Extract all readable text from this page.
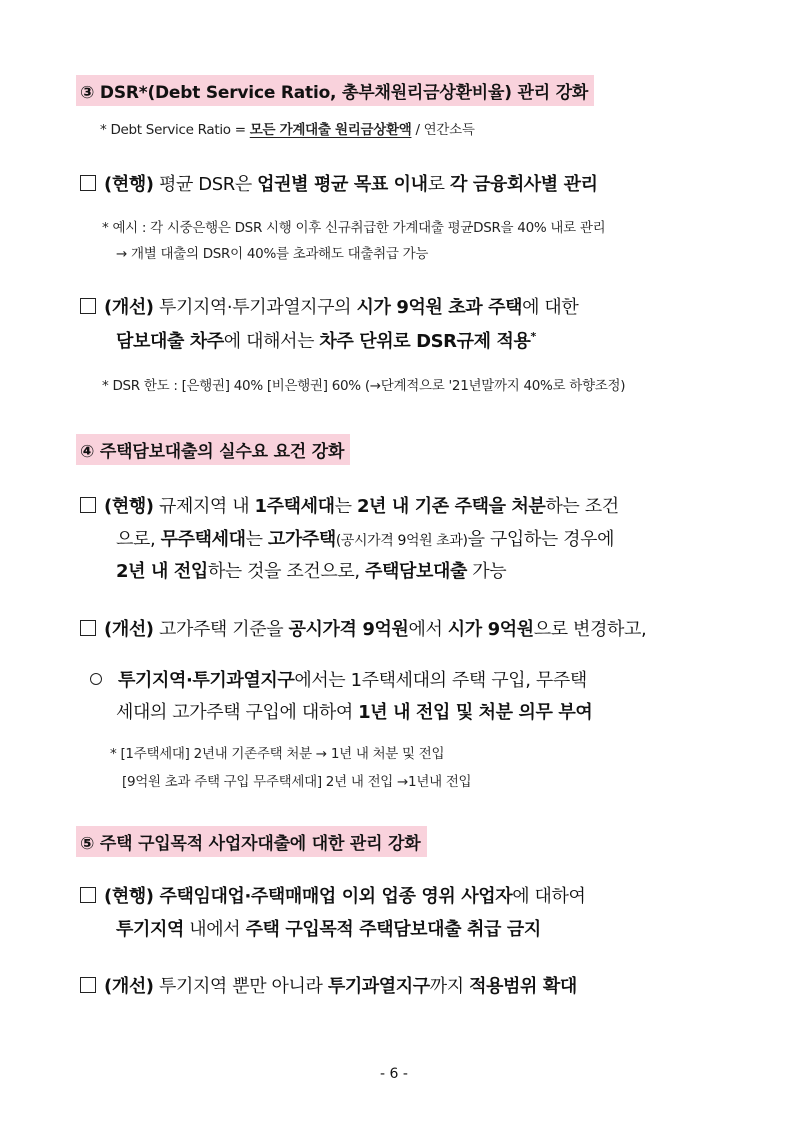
③ DSR*(Debt Service Ratio, 총부채원리금상환비율) 관리 강화
* Debt Service Ratio = 모든 가계대출 원리금상환액 / 연간소득
(현행) 평균 DSR은 업권별 평균 목표 이내로 각 금융회사별 관리
* 예시 : 각 시중은행은 DSR 시행 이후 신규취급한 가계대출 평균DSR을 40% 내로 관리
→ 개별 대출의 DSR이 40%를 초과해도 대출취급 가능
(개선) 투기지역·투기과열지구의 시가 9억원 초과 주택에 대한
담보대출 차주에 대해서는 차주 단위로 DSR규제 적용*
* DSR 한도 : [은행권] 40% [비은행권] 60% (→단계적으로 '21년말까지 40%로 하향조정)
④ 주택담보대출의 실수요 요건 강화
(현행) 규제지역 내 1주택세대는 2년 내 기존 주택을 처분하는 조건
으로, 무주택세대는 고가주택(공시가격 9억원 초과)을 구입하는 경우에
2년 내 전입하는 것을 조건으로, 주택담보대출 가능
(개선) 고가주택 기준을 공시가격 9억원에서 시가 9억원으로 변경하고,
투기지역·투기과열지구에서는 1주택세대의 주택 구입, 무주택
세대의 고가주택 구입에 대하여 1년 내 전입 및 처분 의무 부여
* [1주택세대] 2년내 기존주택 처분 → 1년 내 처분 및 전입
[9억원 초과 주택 구입 무주택세대] 2년 내 전입 →1년내 전입
⑤ 주택 구입목적 사업자대출에 대한 관리 강화
(현행) 주택임대업·주택매매업 이외 업종 영위 사업자에 대하여
투기지역 내에서 주택 구입목적 주택담보대출 취급 금지
(개선) 투기지역 뿐만 아니라 투기과열지구까지 적용범위 확대
- 6 -
